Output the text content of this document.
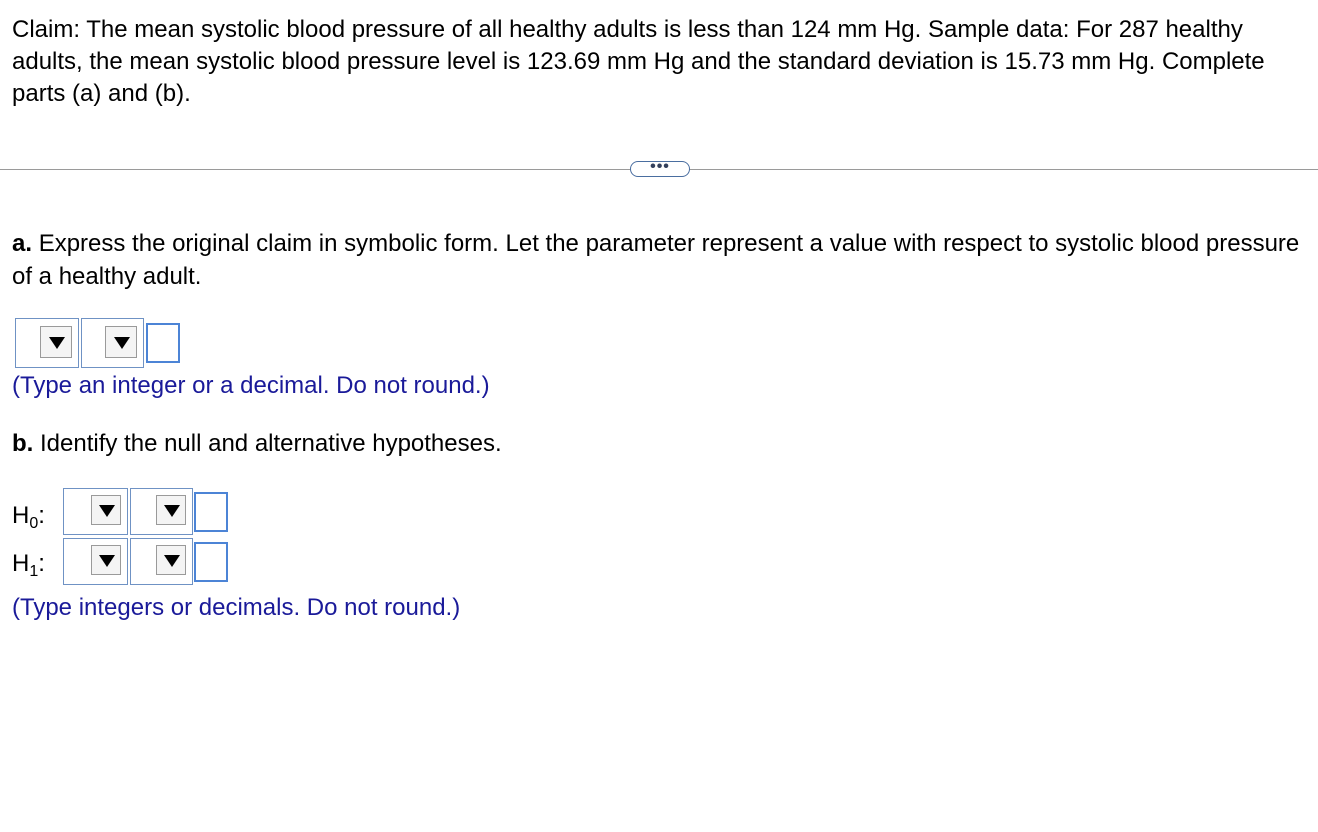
Claim: The mean systolic blood pressure of all healthy adults is less than 124 mm Hg. Sample data: For 287 healthy adults, the mean systolic blood pressure level is 123.69 mm Hg and the standard deviation is 15.73 mm Hg. Complete parts (a) and (b).

•••

a. Express the original claim in symbolic form. Let the parameter represent a value with respect to systolic blood pressure of a healthy adult.

(Type an integer or a decimal. Do not round.)

b. Identify the null and alternative hypotheses.

$H_0$:
$H_1$:

(Type integers or decimals. Do not round.)
